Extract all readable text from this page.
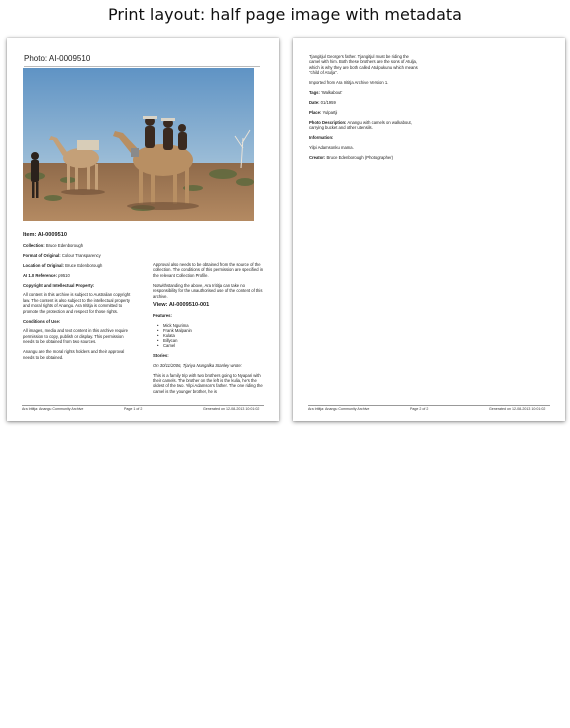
Print layout: half page image with metadata
Photo: AI-0009510

Item: AI-0009510

Collection: Bruce Edenborough

Format of Original: Colour Transparency

Location of Original: Bruce Edenborough

AI 1.0 Reference: p9510

Copyright and Intellectual Property:

All content in this archive is subject to Australian copyright law. The content is also subject to the intellectual property and moral rights of Anangu. Ara Irititja is committed to promote the protection and respect for those rights.

Conditions of Use:

All images, media and text content in this archive require permission to copy, publish or display. This permission needs to be obtained from two sources.

Anangu are the moral rights holders and their approval needs to be obtained.

Approval also needs to be obtained from the source of the collection. The conditions of this permission are specified in the relevant Collection Profile.

Notwithstanding the above, Ara Irititja can take no responsibility for the unauthorised use of the content of this archive.

View: AI-0009510-001

Features:

• Mick Ngurima
• Frank Malpanin
• Kulata
• Billycan
• Camel

Stories:

On 30/11/2006, Tjariya Nungalka Stanley wrote:

This is a family trip with two brothers going to Nyapari with their camels. The brother on the left is the kulia, he's the oldest of the two. Yilpi Adamson's father. The one riding the camel is the younger brother, he is

Ara Irititja: Anangu Community Archive	Page 1 of 2	Generated on 12-08-2013 10:01:02

Tjangitjul George's father. Tjangitjul must be riding the camel with him. Both these brothers are the sons of Atulja, which is why they are both called Atulpukunu which means "child of Atulja".

Imported from Ara Irititja Archive Version 1.

Tags: 'Walkabout'

Date: 01/1959

Place: Yulpartji

Photo Description: Anangu with camels on walkabout, carrying bucket and other utensils.

Information:

Yilpi Adamsonku mama.

Creator: Bruce Edenborough (Photographer)

Ara Irititja: Anangu Community Archive	Page 2 of 2	Generated on 12-08-2013 10:01:02
